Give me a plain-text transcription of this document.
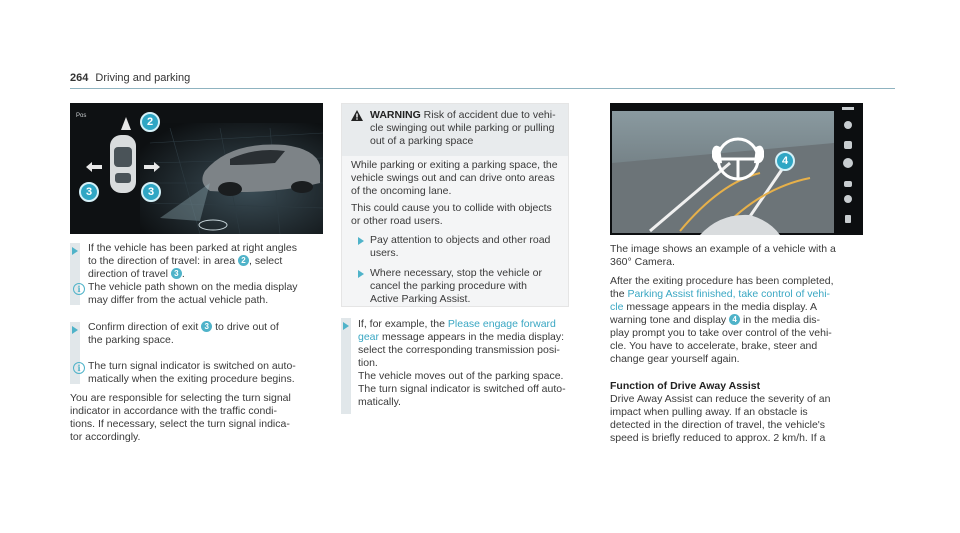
264 Driving and parking
Pos	2
3	3
If the vehicle has been parked at right angles
to the direction of travel: in area 2 , select
direction of travel 3 .
i The vehicle path shown on the media display
may differ from the actual vehicle path.
Confirm direction of exit 3 to drive out of
the parking space.
i The turn signal indicator is switched on auto-
matically when the exiting procedure begins.
You are responsible for selecting the turn signal
indicator in accordance with the traffic condi-
tions. If necessary, select the turn signal indica-
tor accordingly.
WARNING Risk of accident due to vehi-
cle swinging out while parking or pulling
out of a parking space
While parking or exiting a parking space, the
vehicle swings out and can drive onto areas
of the oncoming lane.
This could cause you to collide with objects
or other road users.
Pay attention to objects and other road
users.
Where necessary, stop the vehicle or
cancel the parking procedure with
Active Parking Assist.
If, for example, the Please engage forward
gear message appears in the media display:
select the corresponding transmission posi-
tion.
The vehicle moves out of the parking space.
The turn signal indicator is switched off auto-
matically.
4
The image shows an example of a vehicle with a
360° Camera.
After the exiting procedure has been completed,
the Parking Assist finished, take control of vehi-
cle message appears in the media display. A
warning tone and display 4 in the media dis-
play prompt you to take over control of the vehi-
cle. You have to accelerate, brake, steer and
change gear yourself again.
Function of Drive Away Assist
Drive Away Assist can reduce the severity of an
impact when pulling away. If an obstacle is
detected in the direction of travel, the vehicle's
speed is briefly reduced to approx. 2 km/h. If a
